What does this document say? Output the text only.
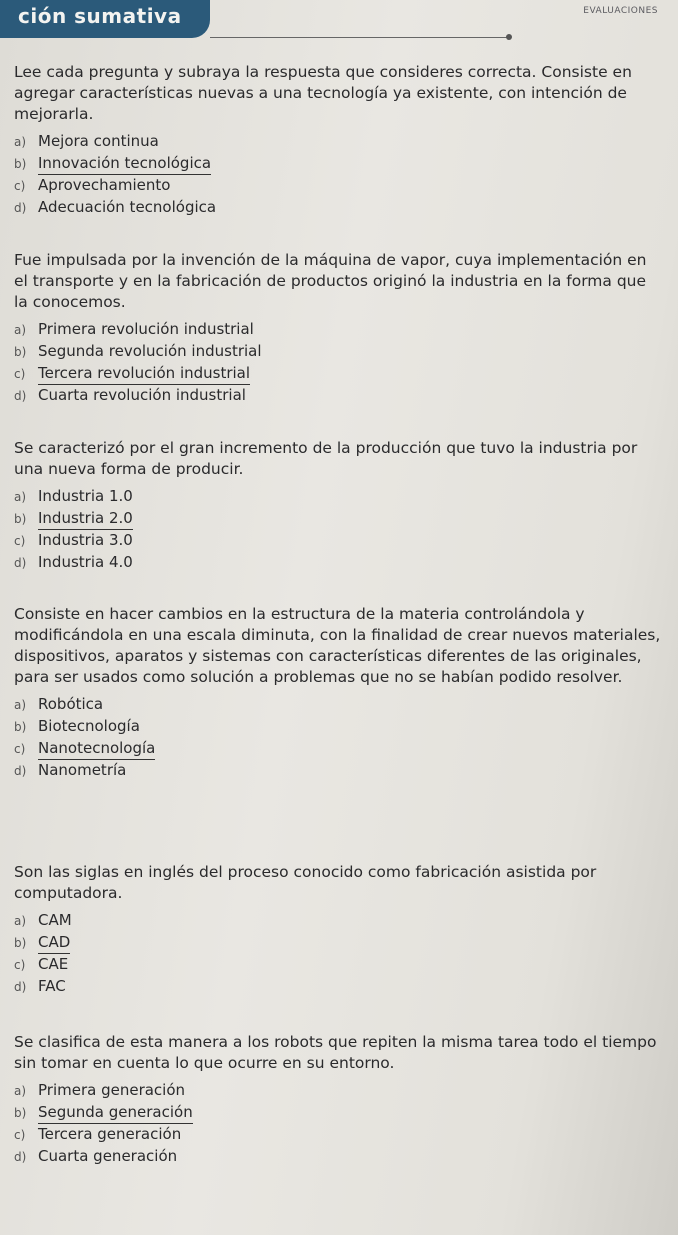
ción sumativa	EVALUACIONES

Lee cada pregunta y subraya la respuesta que consideres correcta. Consiste en agregar características nuevas a una tecnología ya existente, con intención de mejorarla.

a) Mejora continua
b) Innovación tecnológica
c) Aprovechamiento
d) Adecuación tecnológica

Fue impulsada por la invención de la máquina de vapor, cuya implementación en el transporte y en la fabricación de productos originó la industria en la forma que la conocemos.

a) Primera revolución industrial
b) Segunda revolución industrial
c) Tercera revolución industrial
d) Cuarta revolución industrial

Se caracterizó por el gran incremento de la producción que tuvo la industria por una nueva forma de producir.

a) Industria 1.0
b) Industria 2.0
c) Industria 3.0
d) Industria 4.0

Consiste en hacer cambios en la estructura de la materia controlándola y modificándola en una escala diminuta, con la finalidad de crear nuevos materiales, dispositivos, aparatos y sistemas con características diferentes de las originales, para ser usados como solución a problemas que no se habían podido resolver.

a) Robótica
b) Biotecnología
c) Nanotecnología
d) Nanometría

Son las siglas en inglés del proceso conocido como fabricación asistida por computadora.

a) CAM
b) CAD
c) CAE
d) FAC

Se clasifica de esta manera a los robots que repiten la misma tarea todo el tiempo sin tomar en cuenta lo que ocurre en su entorno.

a) Primera generación
b) Segunda generación
c) Tercera generación
d) Cuarta generación
